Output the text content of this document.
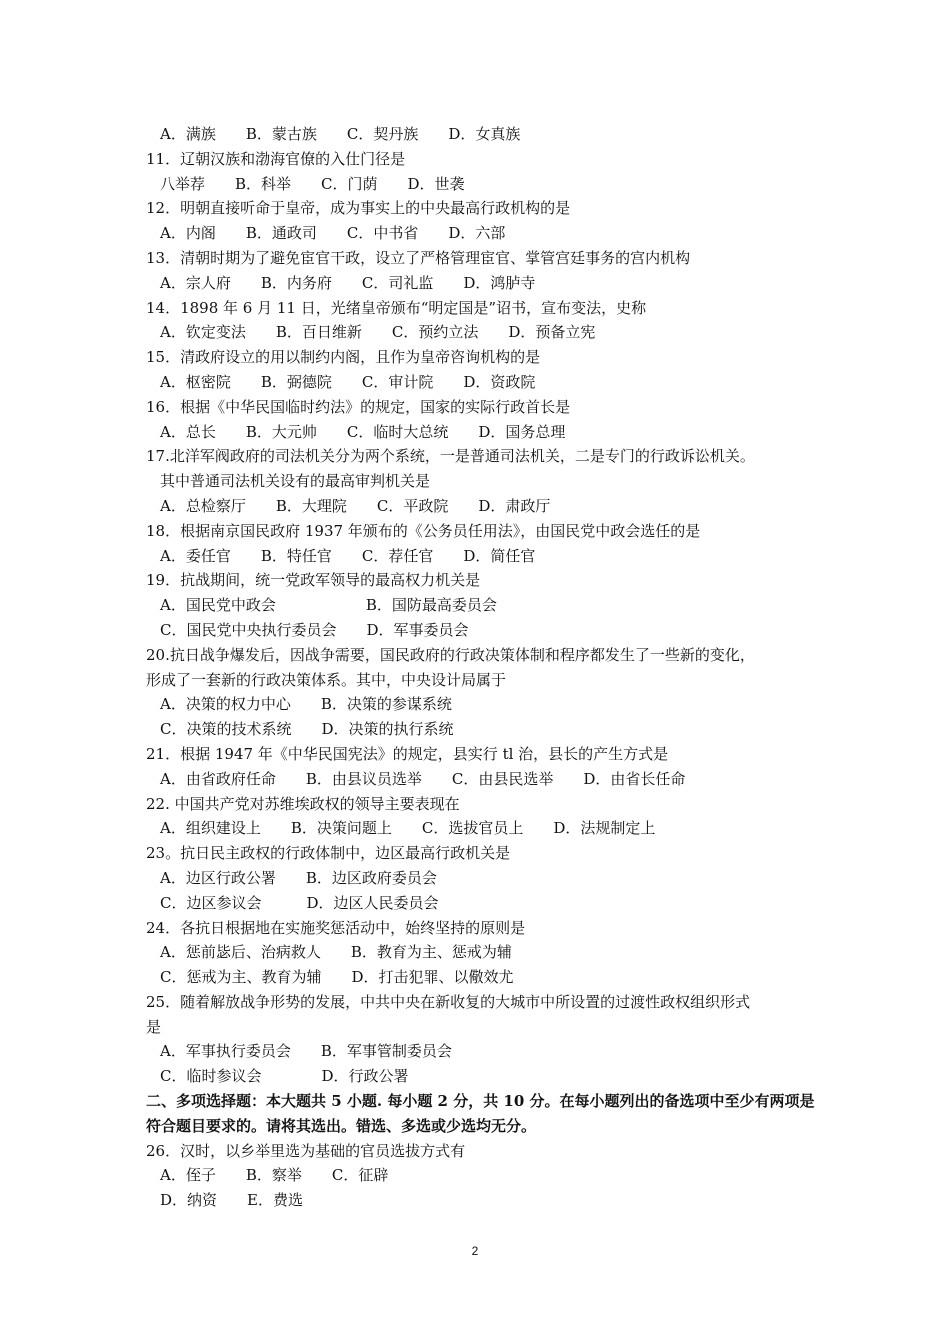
A．满族　　B．蒙古族　　C．契丹族　　D．女真族
11．辽朝汉族和渤海官僚的入仕门径是
八举荐　　B．科举　　C．门荫　　D．世袭
12．明朝直接听命于皇帝，成为事实上的中央最高行政机构的是
A．内阁　　B．通政司　　C．中书省　　D．六部
13．清朝时期为了避免宦官干政，设立了严格管理宦官、掌管宫廷事务的宫内机构
A．宗人府　　B．内务府　　C．司礼监　　D．鸿胪寺
14．1898 年 6 月 11 日，光绪皇帝颁布“明定国是”诏书，宣布变法，史称
A．钦定变法　　B．百日维新　　C．预约立法　　D．预备立宪
15．清政府设立的用以制约内阁，且作为皇帝咨询机构的是
A．枢密院　　B．弼德院　　C．审计院　　D．资政院
16．根据《中华民国临时约法》的规定，国家的实际行政首长是
A．总长　　B．大元帅　　C．临时大总统　　D．国务总理
17.北洋军阀政府的司法机关分为两个系统，一是普通司法机关，二是专门的行政诉讼机关。
其中普通司法机关设有的最高审判机关是
A．总检察厅　　B．大理院　　C．平政院　　D．肃政厅
18．根据南京国民政府 1937 年颁布的《公务员任用法》，由国民党中政会选任的是
A．委任官　　B．特任官　　C．荐任官　　D．简任官
19．抗战期间，统一党政军领导的最高权力机关是
A．国民党中政会　　　　　　B．国防最高委员会
C．国民党中央执行委员会　　D．军事委员会
20.抗日战争爆发后，因战争需要，国民政府的行政决策体制和程序都发生了一些新的变化，
形成了一套新的行政决策体系。其中，中央设计局属于
A．决策的权力中心　　B．决策的参谋系统
C．决策的技术系统　　D．决策的执行系统
21．根据 1947 年《中华民国宪法》的规定，县实行 tl 治，县长的产生方式是
A．由省政府任命　　B．由县议员选举　　C．由县民选举　　D．由省长任命
22. 中国共产党对苏维埃政权的领导主要表现在
A．组织建设上　　B．决策问题上　　C．选拔官员上　　D．法规制定上
23。抗日民主政权的行政体制中，边区最高行政机关是
A．边区行政公署　　B．边区政府委员会
C．边区参议会　　　D．边区人民委员会
24．各抗日根据地在实施奖惩活动中，始终坚持的原则是
A．惩前毖后、治病救人　　B．教育为主、惩戒为辅
C．惩戒为主、教育为辅　　D．打击犯罪、以儆效尤
25．随着解放战争形势的发展，中共中央在新收复的大城市中所设置的过渡性政权组织形式
是
A．军事执行委员会　　B．军事管制委员会
C．临时参议会　　　　D．行政公署
二、多项选择题：本大题共 5 小题. 每小题 2 分，共 10 分。在每小题列出的备选项中至少有两项是符合题目要求的。请将其选出。错选、多选或少选均无分。
26．汉时，以乡举里选为基础的官员选拔方式有
A．侄子　　B．察举　　C．征辟
D．纳资　　E．费选
2
